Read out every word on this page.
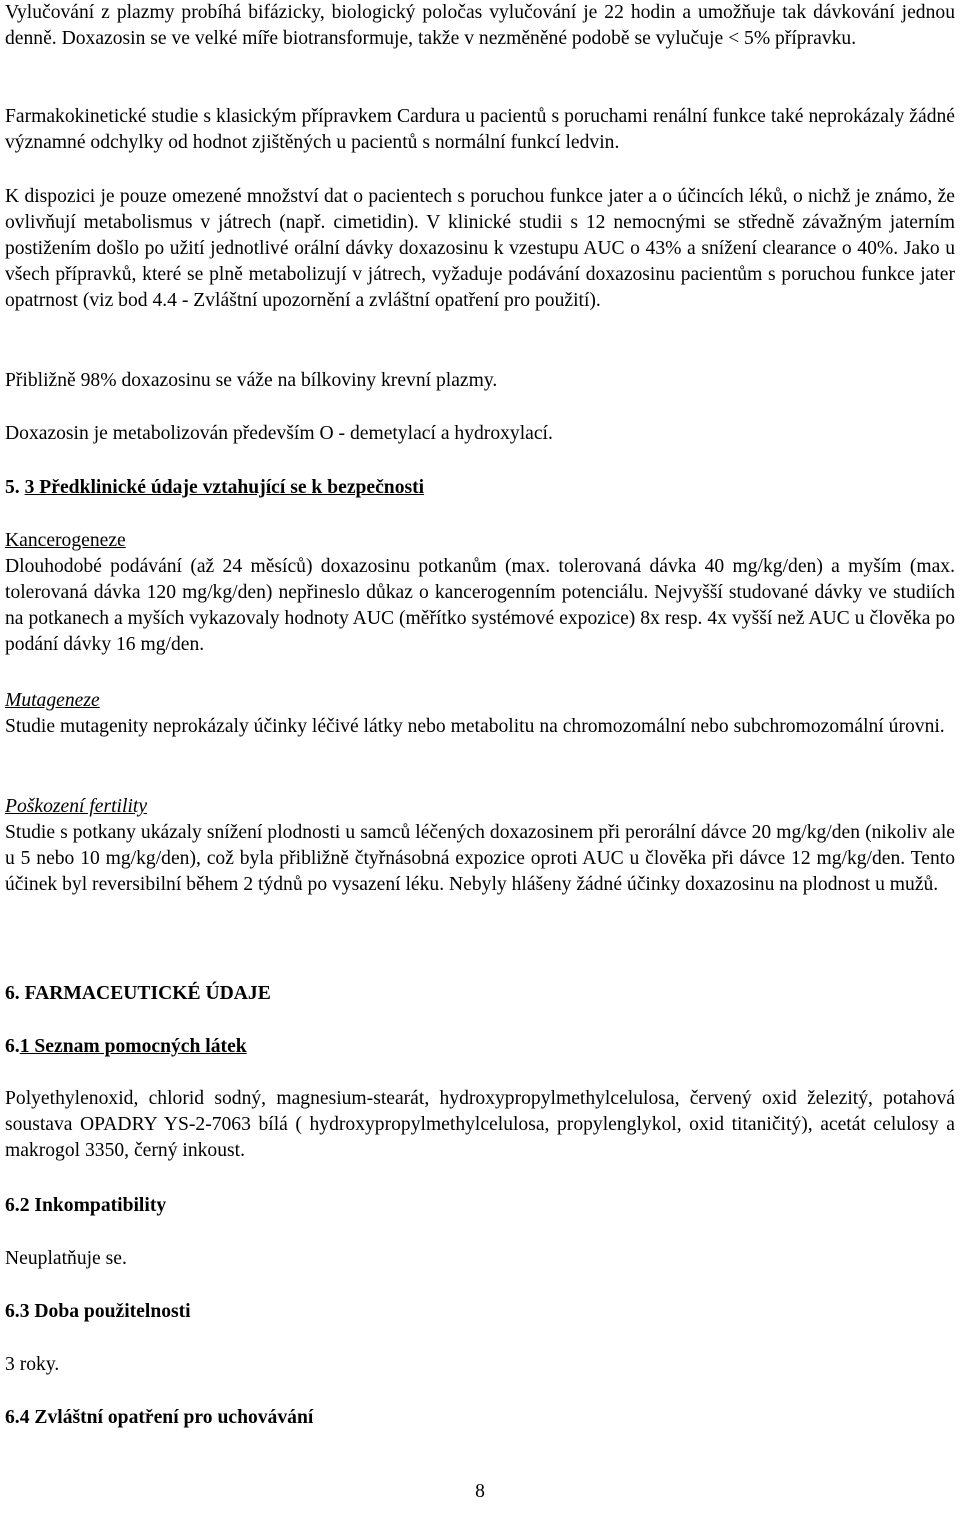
Vylučování z plazmy probíhá bifázicky, biologický poločas vylučování je 22 hodin a umožňuje tak dávkování jednou denně. Doxazosin se ve velké míře biotransformuje, takže v nezměněné podobě se vylučuje < 5% přípravku.

Farmakokinetické studie s klasickým přípravkem Cardura u pacientů s poruchami renální funkce také neprokázaly žádné významné odchylky od hodnot zjištěných u pacientů s normální funkcí ledvin.

K dispozici je pouze omezené množství dat o pacientech s poruchou funkce jater a o účincích léků, o nichž je známo, že ovlivňují metabolismus v játrech (např. cimetidin). V klinické studii s 12 nemocnými se středně závažným jaterním postižením došlo po užití jednotlivé orální dávky doxazosinu k vzestupu AUC o 43% a snížení clearance o 40%. Jako u všech přípravků, které se plně metabolizují v játrech, vyžaduje podávání doxazosinu pacientům s poruchou funkce jater opatrnost (viz bod 4.4 - Zvláštní upozornění a zvláštní opatření pro použití).

Přibližně 98% doxazosinu se váže na bílkoviny krevní plazmy.

Doxazosin je metabolizován především O - demetylací a hydroxylací.

5. 3 Předklinické údaje vztahující se k bezpečnosti
Kancerogeneze

Dlouhodobé podávání (až 24 měsíců) doxazosinu potkanům (max. tolerovaná dávka 40 mg/kg/den) a myším (max. tolerovaná dávka 120 mg/kg/den) nepřineslo důkaz o kancerogenním potenciálu. Nejvyšší studované dávky ve studiích na potkanech a myších vykazovaly hodnoty AUC (měřítko systémové expozice) 8x resp. 4x vyšší než AUC u člověka po podání dávky 16 mg/den.

Mutageneze

Studie mutagenity neprokázaly účinky léčivé látky nebo metabolitu na chromozomální nebo subchromozomální úrovni.

Poškození fertility

Studie s potkany ukázaly snížení plodnosti u samců léčených doxazosinem při perorální dávce 20 mg/kg/den (nikoliv ale u 5 nebo 10 mg/kg/den), což byla přibližně čtyřnásobná expozice oproti AUC u člověka při dávce 12 mg/kg/den. Tento účinek byl reversibilní během 2 týdnů po vysazení léku. Nebyly hlášeny žádné účinky doxazosinu na plodnost u mužů.

6. FARMACEUTICKÉ ÚDAJE
6.1 Seznam pomocných látek

Polyethylenoxid, chlorid sodný, magnesium-stearát, hydroxypropylmethylcelulosa, červený oxid železitý, potahová soustava OPADRY YS-2-7063 bílá ( hydroxypropylmethylcelulosa, propylenglykol, oxid titaničitý), acetát celulosy a makrogol 3350, černý inkoust.

6.2 Inkompatibility

Neuplatňuje se.

6.3 Doba použitelnosti

3 roky.

6.4 Zvláštní opatření pro uchovávání
8
